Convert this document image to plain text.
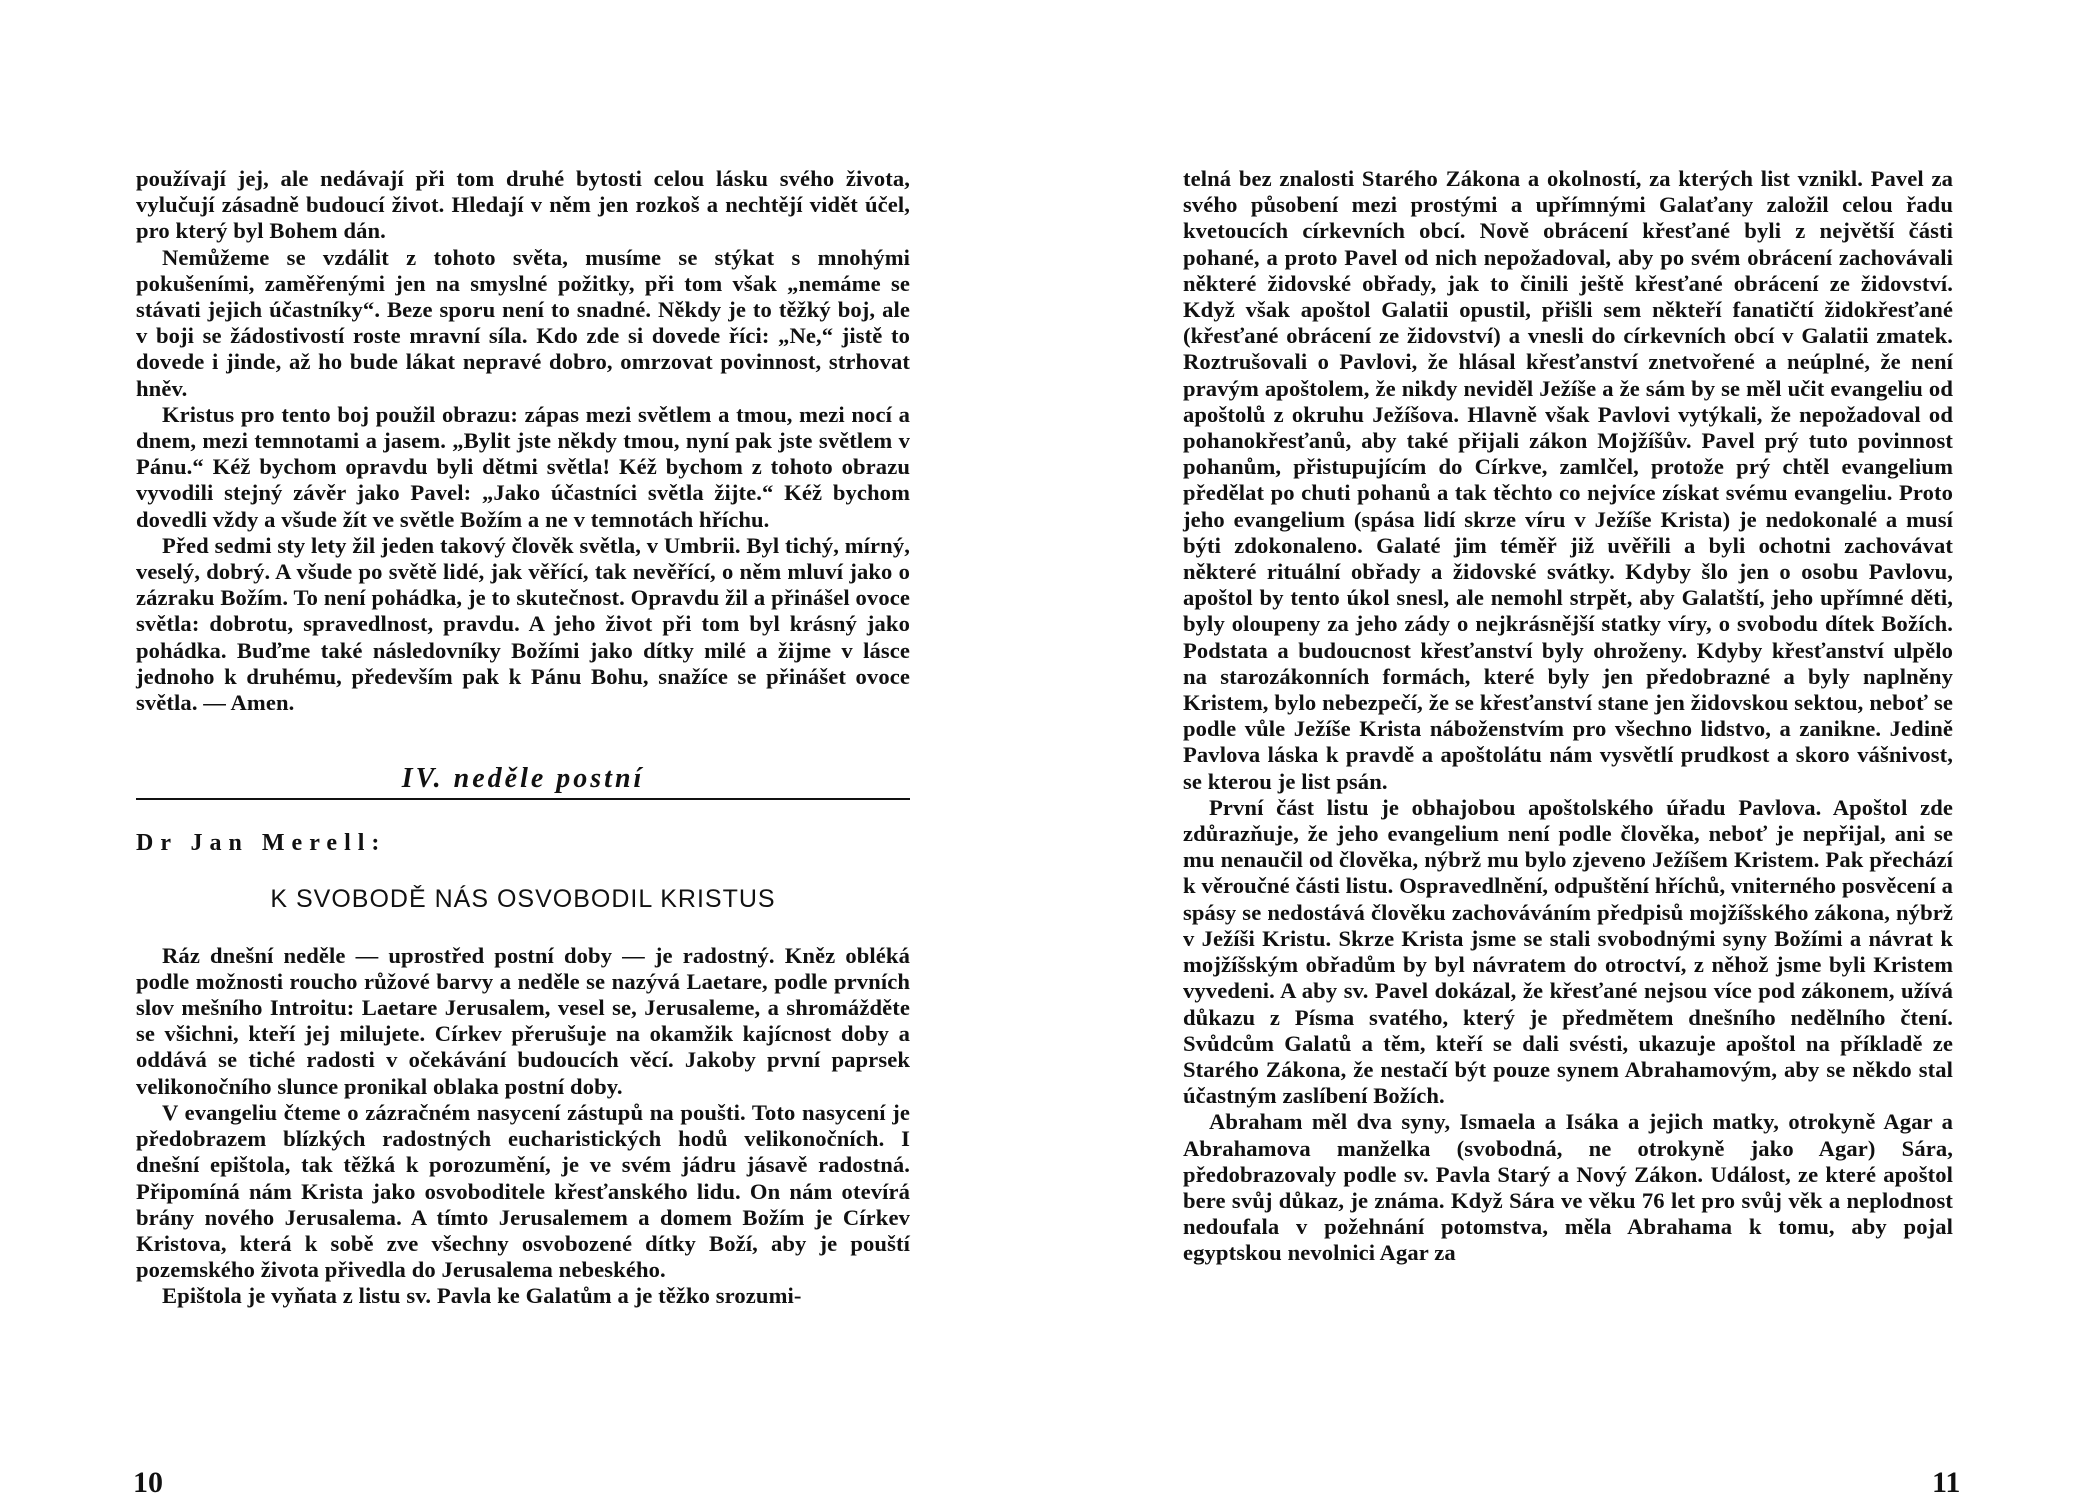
používají jej, ale nedávají při tom druhé bytosti celou lásku svého života, vylučují zásadně budoucí život. Hledají v něm jen rozkoš a nechtějí vidět účel, pro který byl Bohem dán.

Nemůžeme se vzdálit z tohoto světa, musíme se stýkat s mnohými pokušeními, zaměřenými jen na smyslné požitky, při tom však „nemáme se stávati jejich účastníky“. Beze sporu není to snadné. Někdy je to těžký boj, ale v boji se žádostivostí roste mravní síla. Kdo zde si dovede říci: „Ne,“ jistě to dovede i jinde, až ho bude lákat nepravé dobro, omrzovat povinnost, strhovat hněv.

Kristus pro tento boj použil obrazu: zápas mezi světlem a tmou, mezi nocí a dnem, mezi temnotami a jasem. „Bylit jste někdy tmou, nyní pak jste světlem v Pánu.“ Kéž bychom opravdu byli dětmi světla! Kéž bychom z tohoto obrazu vyvodili stejný závěr jako Pavel: „Jako účastníci světla žijte.“ Kéž bychom dovedli vždy a všude žít ve světle Božím a ne v temnotách hříchu.

Před sedmi sty lety žil jeden takový člověk světla, v Umbrii. Byl tichý, mírný, veselý, dobrý. A všude po světě lidé, jak věřící, tak nevěřící, o něm mluví jako o zázraku Božím. To není pohádka, je to skutečnost. Opravdu žil a přinášel ovoce světla: dobrotu, spravedlnost, pravdu. A jeho život při tom byl krásný jako pohádka. Buďme také následovníky Božími jako dítky milé a žijme v lásce jednoho k druhému, především pak k Pánu Bohu, snažíce se přinášet ovoce světla. — Amen.

IV. neděle postní
Dr Jan Merell:
K SVOBODĚ NÁS OSVOBODIL KRISTUS

Ráz dnešní neděle — uprostřed postní doby — je radostný. Kněz obléká podle možnosti roucho růžové barvy a neděle se nazývá Laetare, podle prvních slov mešního Introitu: Laetare Jerusalem, vesel se, Jerusaleme, a shromážděte se všichni, kteří jej milujete. Církev přerušuje na okamžik kajícnost doby a oddává se tiché radosti v očekávání budoucích věcí. Jakoby první paprsek velikonočního slunce pronikal oblaka postní doby.

V evangeliu čteme o zázračném nasycení zástupů na poušti. Toto nasycení je předobrazem blízkých radostných eucharistických hodů velikonočních. I dnešní epištola, tak těžká k porozumění, je ve svém jádru jásavě radostná. Připomíná nám Krista jako osvoboditele křesťanského lidu. On nám otevírá brány nového Jerusalema. A tímto Jerusalemem a domem Božím je Církev Kristova, která k sobě zve všechny osvobozené dítky Boží, aby je pouští pozemského života přivedla do Jerusalema nebeského.

Epištola je vyňata z listu sv. Pavla ke Galatům a je těžko srozumi-

10

telná bez znalosti Starého Zákona a okolností, za kterých list vznikl. Pavel za svého působení mezi prostými a upřímnými Galaťany založil celou řadu kvetoucích církevních obcí. Nově obrácení křesťané byli z největší části pohané, a proto Pavel od nich nepožadoval, aby po svém obrácení zachovávali některé židovské obřady, jak to činili ještě křesťané obrácení ze židovství. Když však apoštol Galatii opustil, přišli sem někteří fanatičtí židokřesťané (křesťané obrácení ze židovství) a vnesli do církevních obcí v Galatii zmatek. Roztrušovali o Pavlovi, že hlásal křesťanství znetvořené a neúplné, že není pravým apoštolem, že nikdy neviděl Ježíše a že sám by se měl učit evangeliu od apoštolů z okruhu Ježíšova. Hlavně však Pavlovi vytýkali, že nepožadoval od pohanokřesťanů, aby také přijali zákon Mojžíšův. Pavel prý tuto povinnost pohanům, přistupujícím do Církve, zamlčel, protože prý chtěl evangelium předělat po chuti pohanů a tak těchto co nejvíce získat svému evangeliu. Proto jeho evangelium (spása lidí skrze víru v Ježíše Krista) je nedokonalé a musí býti zdokonaleno. Galaté jim téměř již uvěřili a byli ochotni zachovávat některé rituální obřady a židovské svátky. Kdyby šlo jen o osobu Pavlovu, apoštol by tento úkol snesl, ale nemohl strpět, aby Galatští, jeho upřímné děti, byly oloupeny za jeho zády o nejkrásnější statky víry, o svobodu dítek Božích. Podstata a budoucnost křesťanství byly ohroženy. Kdyby křesťanství ulpělo na starozákonních formách, které byly jen předobrazné a byly naplněny Kristem, bylo nebezpečí, že se křesťanství stane jen židovskou sektou, neboť se podle vůle Ježíše Krista náboženstvím pro všechno lidstvo, a zanikne. Jedině Pavlova láska k pravdě a apoštolátu nám vysvětlí prudkost a skoro vášnivost, se kterou je list psán.

První část listu je obhajobou apoštolského úřadu Pavlova. Apoštol zde zdůrazňuje, že jeho evangelium není podle člověka, neboť je nepřijal, ani se mu nenaučil od člověka, nýbrž mu bylo zjeveno Ježíšem Kristem. Pak přechází k věroučné části listu. Ospravedlnění, odpuštění hříchů, vniterného posvěcení a spásy se nedostává člověku zachováváním předpisů mojžíšského zákona, nýbrž v Ježíši Kristu. Skrze Krista jsme se stali svobodnými syny Božími a návrat k mojžíšským obřadům by byl návratem do otroctví, z něhož jsme byli Kristem vyvedeni. A aby sv. Pavel dokázal, že křesťané nejsou více pod zákonem, užívá důkazu z Písma svatého, který je předmětem dnešního nedělního čtení. Svůdcům Galatů a těm, kteří se dali svésti, ukazuje apoštol na příkladě ze Starého Zákona, že nestačí být pouze synem Abrahamovým, aby se někdo stal účastným zaslíbení Božích.

Abraham měl dva syny, Ismaela a Isáka a jejich matky, otrokyně Agar a Abrahamova manželka (svobodná, ne otrokyně jako Agar) Sára, předobrazovaly podle sv. Pavla Starý a Nový Zákon. Událost, ze které apoštol bere svůj důkaz, je známa. Když Sára ve věku 76 let pro svůj věk a neplodnost nedoufala v požehnání potomstva, měla Abrahama k tomu, aby pojal egyptskou nevolnici Agar za

11
